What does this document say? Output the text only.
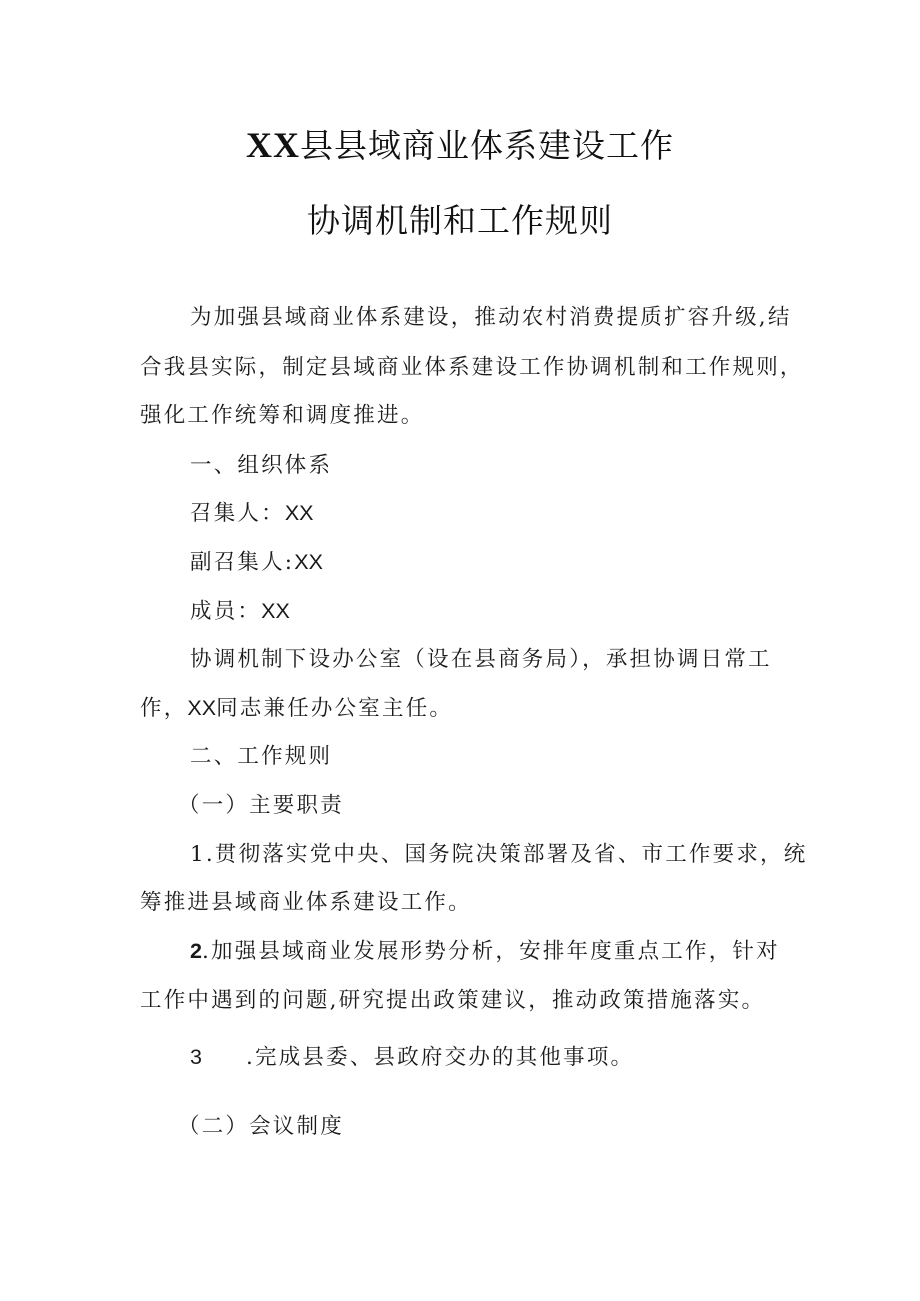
XX县县域商业体系建设工作
协调机制和工作规则
为加强县域商业体系建设，推动农村消费提质扩容升级,结
合我县实际，制定县域商业体系建设工作协调机制和工作规则，
强化工作统筹和调度推进。
一、组织体系
召集人：XX
副召集人:XX
成员：XX
协调机制下设办公室（设在县商务局），承担协调日常工
作，XX同志兼任办公室主任。
二、工作规则
（一）主要职责
1.贯彻落实党中央、国务院决策部署及省、市工作要求，统
筹推进县域商业体系建设工作。
2.加强县域商业发展形势分析，安排年度重点工作，针对
工作中遇到的问题,研究提出政策建议，推动政策措施落实。
3 .完成县委、县政府交办的其他事项。
（二）会议制度
